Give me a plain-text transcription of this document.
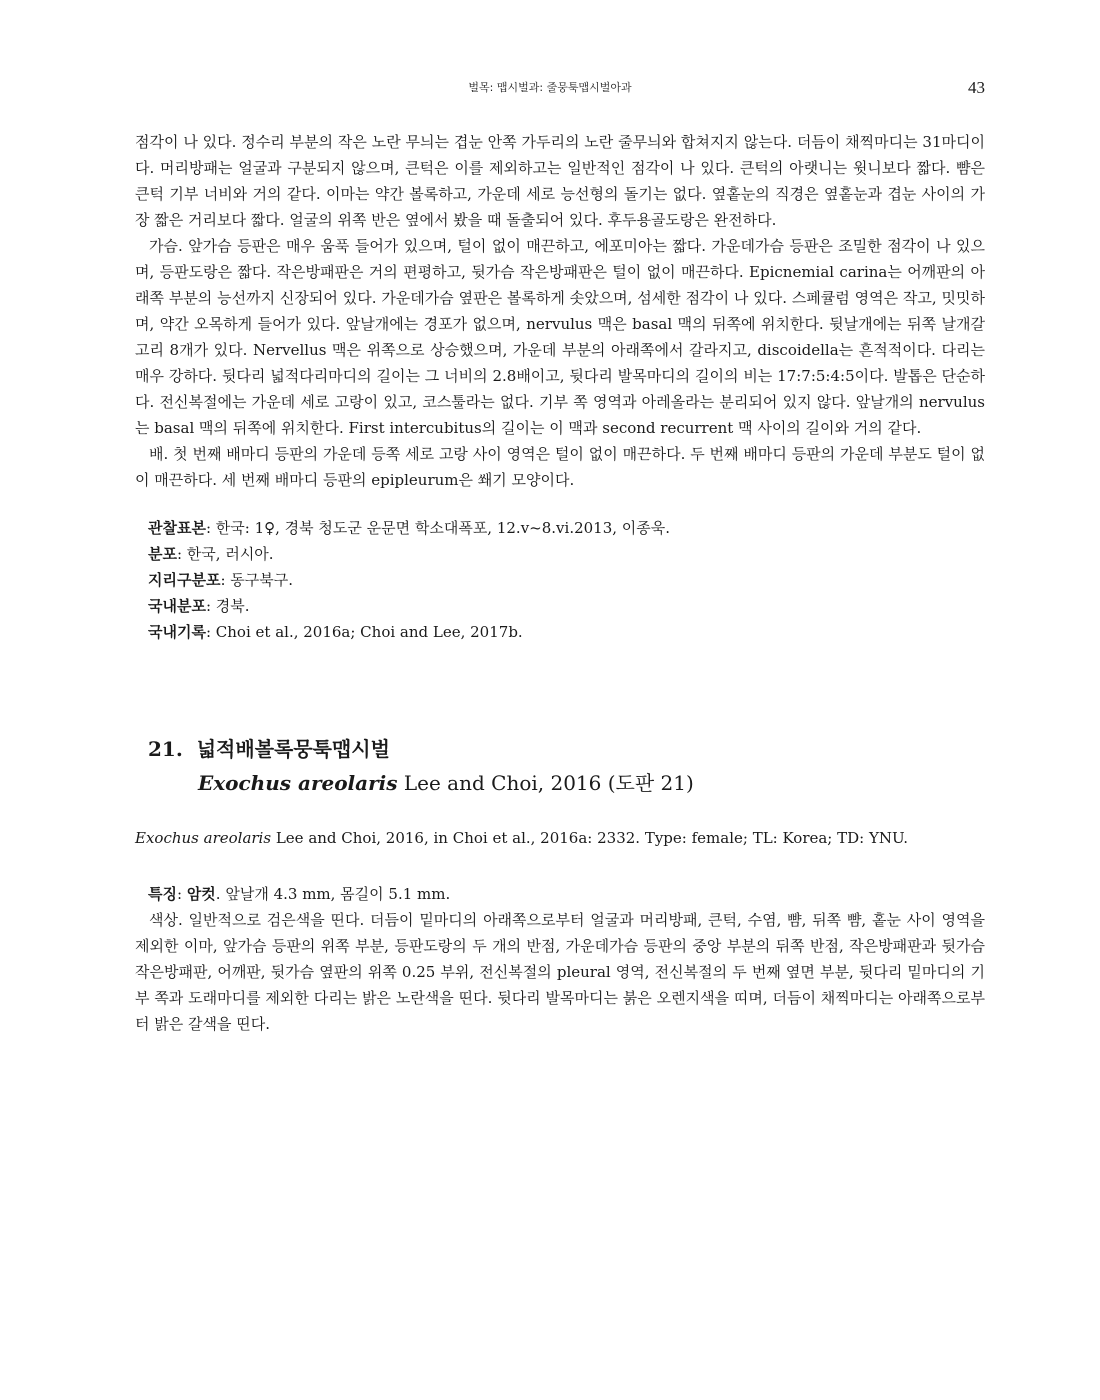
벌목: 맵시벌과: 줄뭉툭맵시벌아과	43

점각이 나 있다. 정수리 부분의 작은 노란 무늬는 겹눈 안쪽 가두리의 노란 줄무늬와 합쳐지지 않는다. 더듬이 채찍마디는 31마디이다. 머리방패는 얼굴과 구분되지 않으며, 큰턱은 이를 제외하고는 일반적인 점각이 나 있다. 큰턱의 아랫니는 윗니보다 짧다. 뺨은 큰턱 기부 너비와 거의 같다. 이마는 약간 볼록하고, 가운데 세로 능선형의 돌기는 없다. 옆홑눈의 직경은 옆홑눈과 겹눈 사이의 가장 짧은 거리보다 짧다. 얼굴의 위쪽 반은 옆에서 봤을 때 돌출되어 있다. 후두용골도랑은 완전하다.

가슴. 앞가슴 등판은 매우 움푹 들어가 있으며, 털이 없이 매끈하고, 에포미아는 짧다. 가운데가슴 등판은 조밀한 점각이 나 있으며, 등판도랑은 짧다. 작은방패판은 거의 편평하고, 뒷가슴 작은방패판은 털이 없이 매끈하다. Epicnemial carina는 어깨판의 아래쪽 부분의 능선까지 신장되어 있다. 가운데가슴 옆판은 볼록하게 솟았으며, 섬세한 점각이 나 있다. 스페큘럼 영역은 작고, 밋밋하며, 약간 오목하게 들어가 있다. 앞날개에는 경포가 없으며, nervulus 맥은 basal 맥의 뒤쪽에 위치한다. 뒷날개에는 뒤쪽 날개갈고리 8개가 있다. Nervellus 맥은 위쪽으로 상승했으며, 가운데 부분의 아래쪽에서 갈라지고, discoidella는 흔적적이다. 다리는 매우 강하다. 뒷다리 넓적다리마디의 길이는 그 너비의 2.8배이고, 뒷다리 발목마디의 길이의 비는 17:7:5:4:5이다. 발톱은 단순하다. 전신복절에는 가운데 세로 고랑이 있고, 코스툴라는 없다. 기부 쪽 영역과 아레올라는 분리되어 있지 않다. 앞날개의 nervulus는 basal 맥의 뒤쪽에 위치한다. First intercubitus의 길이는 이 맥과 second recurrent 맥 사이의 길이와 거의 같다.

배. 첫 번째 배마디 등판의 가운데 등쪽 세로 고랑 사이 영역은 털이 없이 매끈하다. 두 번째 배마디 등판의 가운데 부분도 털이 없이 매끈하다. 세 번째 배마디 등판의 epipleurum은 쐐기 모양이다.

관찰표본: 한국: 1♀, 경북 청도군 운문면 학소대폭포, 12.v~8.vi.2013, 이종욱.
분포: 한국, 러시아.
지리구분포: 동구북구.
국내분포: 경북.
국내기록: Choi et al., 2016a; Choi and Lee, 2017b.
21. 넓적배볼록뭉툭맵시벌
Exochus areolaris Lee and Choi, 2016 (도판 21)
Exochus areolaris Lee and Choi, 2016, in Choi et al., 2016a: 2332. Type: female; TL: Korea; TD: YNU.
특징: 암컷. 앞날개 4.3 mm, 몸길이 5.1 mm.

색상. 일반적으로 검은색을 띤다. 더듬이 밑마디의 아래쪽으로부터 얼굴과 머리방패, 큰턱, 수염, 뺨, 뒤쪽 뺨, 홑눈 사이 영역을 제외한 이마, 앞가슴 등판의 위쪽 부분, 등판도랑의 두 개의 반점, 가운데가슴 등판의 중앙 부분의 뒤쪽 반점, 작은방패판과 뒷가슴 작은방패판, 어깨판, 뒷가슴 옆판의 위쪽 0.25 부위, 전신복절의 pleural 영역, 전신복절의 두 번째 옆면 부분, 뒷다리 밑마디의 기부 쪽과 도래마디를 제외한 다리는 밝은 노란색을 띤다. 뒷다리 발목마디는 붉은 오렌지색을 띠며, 더듬이 채찍마디는 아래쪽으로부터 밝은 갈색을 띤다.
